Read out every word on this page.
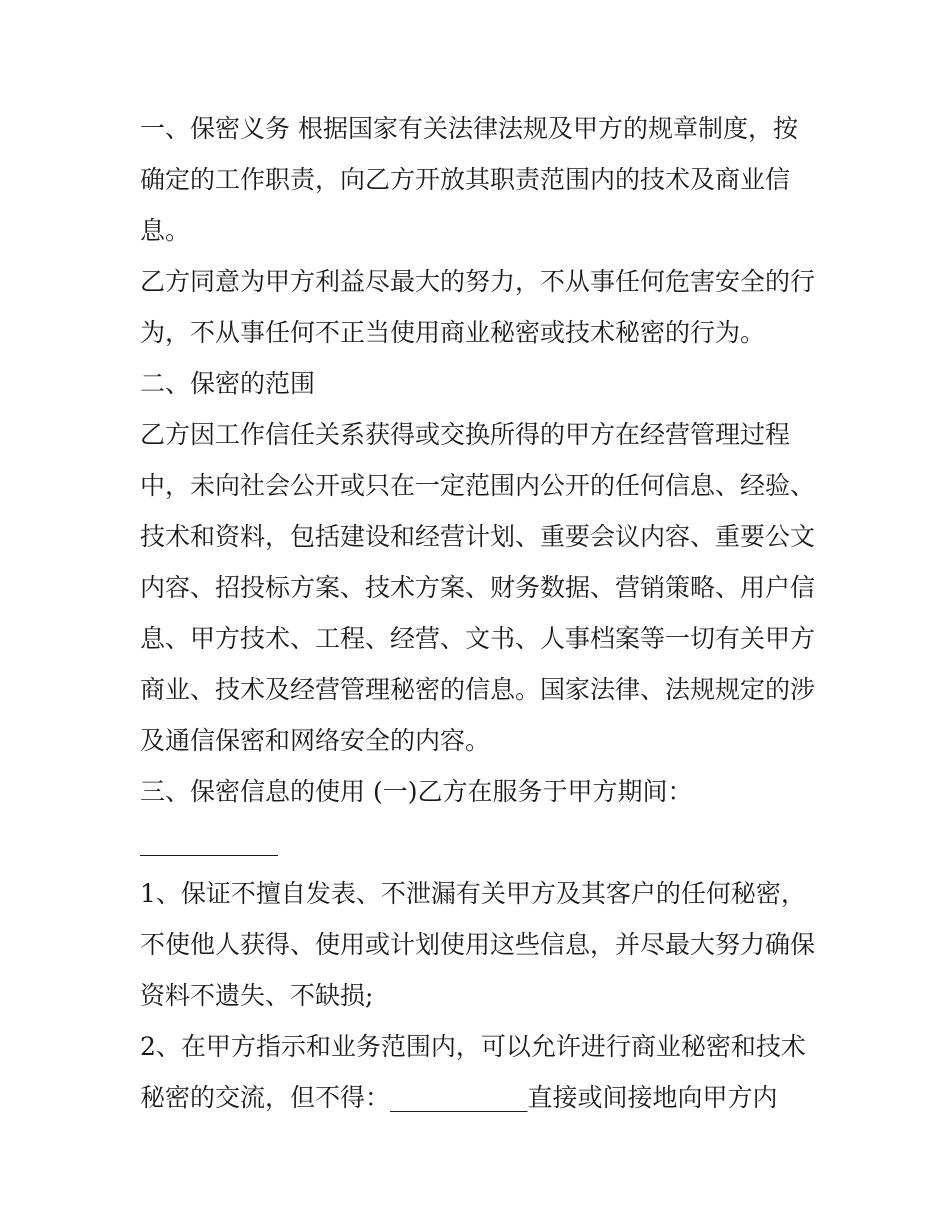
一、保密义务 根据国家有关法律法规及甲方的规章制度，按
确定的工作职责，向乙方开放其职责范围内的技术及商业信
息。
乙方同意为甲方利益尽最大的努力，不从事任何危害安全的行
为，不从事任何不正当使用商业秘密或技术秘密的行为。
二、保密的范围
乙方因工作信任关系获得或交换所得的甲方在经营管理过程
中，未向社会公开或只在一定范围内公开的任何信息、经验、
技术和资料，包括建设和经营计划、重要会议内容、重要公文
内容、招投标方案、技术方案、财务数据、营销策略、用户信
息、甲方技术、工程、经营、文书、人事档案等一切有关甲方
商业、技术及经营管理秘密的信息。国家法律、法规规定的涉
及通信保密和网络安全的内容。
三、保密信息的使用 (一)乙方在服务于甲方期间：
1、保证不擅自发表、不泄漏有关甲方及其客户的任何秘密，
不使他人获得、使用或计划使用这些信息，并尽最大努力确保
资料不遗失、不缺损;
2、在甲方指示和业务范围内，可以允许进行商业秘密和技术
秘密的交流，但不得：___________直接或间接地向甲方内
